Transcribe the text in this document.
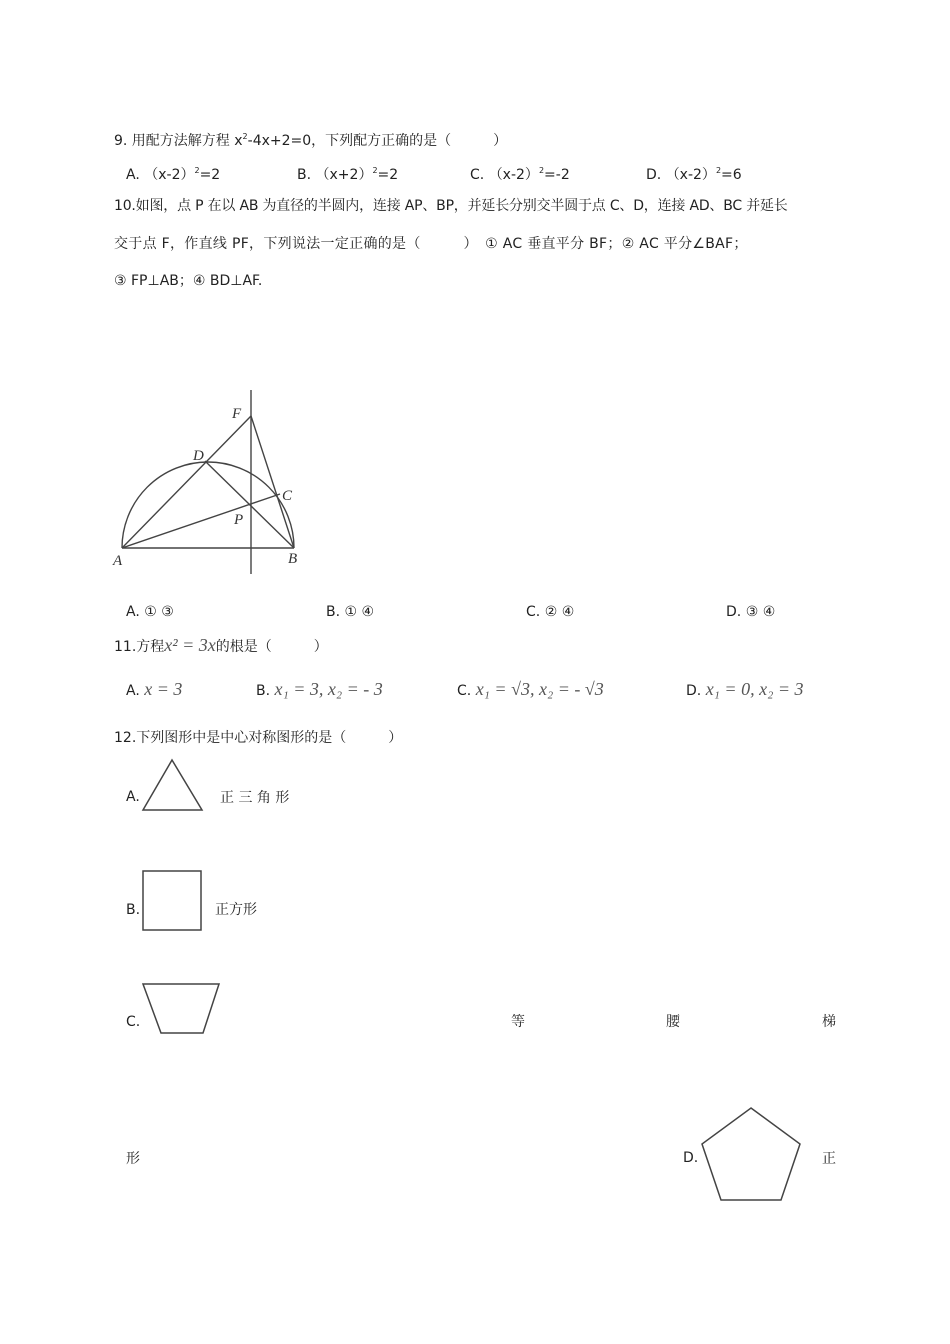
9. 用配方法解方程 $x^2-4x+2=0$，下列配方正确的是（　　　）
A. $(x-2)^2=2$	B. $(x+2)^2=2$	C. $(x-2)^2=-2$	D. $(x-2)^2=6$
10.如图，点 P 在以 AB 为直径的半圆内，连接 AP、BP，并延长分别交半圆于点 C、D，连接 AD、BC 并延长
交于点 F，作直线 PF，下列说法一定正确的是（　　　）　① AC 垂直平分 BF；② AC 平分∠BAF；
③ FP⊥AB；④ BD⊥AF.
F
D
C
P
A	B
A. ① ③	B. ① ④	C. ② ④	D. ③ ④
11.方程x² = 3x的根是（　　　）
A. x = 3	B. x₁ = 3, x₂ = - 3	C. x₁ = √3, x₂ = - √3	D. x₁ = 0, x₂ = 3
12.下列图形中是中心对称图形的是（　　　）
A.	正 三 角 形
B.	正方形
C.	等	腰	梯
形	D.	正
